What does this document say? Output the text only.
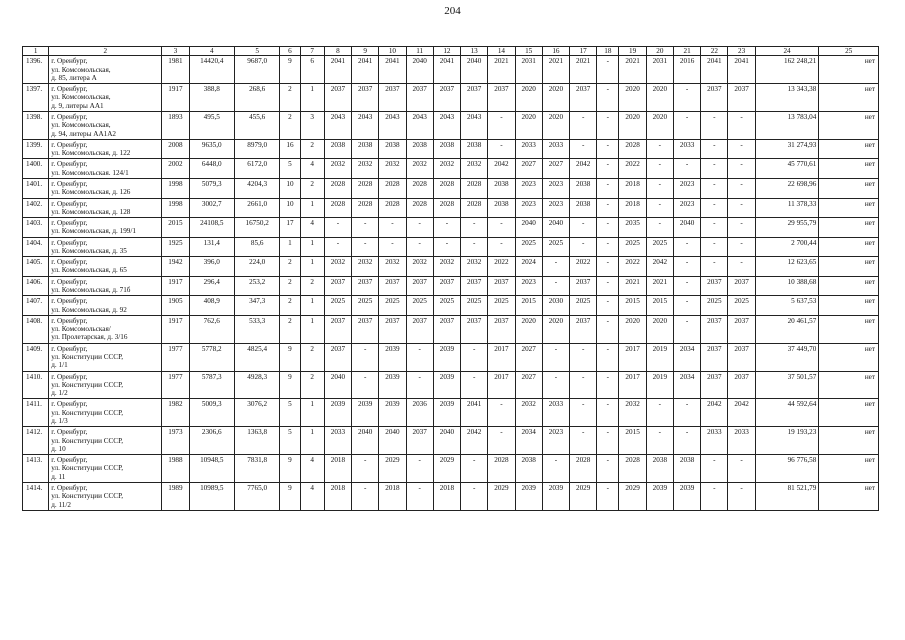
204
1	2	3	4	5	6	7	8	9	10	11	12	13	14	15	16	17	18	19	20	21	22	23	24	25
1396.	г. Оренбург,
ул. Комсомольская,
д. 85, литера А	1981	14420,4	9687,0	9	6	2041	2041	2041	2040	2041	2040	2021	2031	2021	2021	-	2021	2031	2016	2041	2041	162 248,21	нет
1397.	г. Оренбург,
ул. Комсомольская,
д. 9, литеры АА1	1917	388,8	268,6	2	1	2037	2037	2037	2037	2037	2037	2037	2020	2020	2037	-	2020	2020	-	2037	2037	13 343,38	нет
1398.	г. Оренбург,
ул. Комсомольская,
д. 94, литеры АА1А2	1893	495,5	455,6	2	3	2043	2043	2043	2043	2043	2043	-	2020	2020	-	-	2020	2020	-	-	-	13 783,04	нет
1399.	г. Оренбург,
ул. Комсомольская, д. 122	2008	9635,0	8979,0	16	2	2038	2038	2038	2038	2038	2038	-	2033	2033	-	-	2028	-	2033	-	-	31 274,93	нет
1400.	г. Оренбург,
ул. Комсомольская. 124/1	2002	6448,0	6172,0	5	4	2032	2032	2032	2032	2032	2032	2042	2027	2027	2042	-	2022	-	-	-	-	45 770,61	нет
1401.	г. Оренбург,
ул. Комсомольская, д. 126	1998	5079,3	4204,3	10	2	2028	2028	2028	2028	2028	2028	2038	2023	2023	2038	-	2018	-	2023	-	-	22 698,96	нет
1402.	г. Оренбург,
ул. Комсомольская, д. 128	1998	3002,7	2661,0	10	1	2028	2028	2028	2028	2028	2028	2038	2023	2023	2038	-	2018	-	2023	-	-	11 378,33	нет
1403.	г. Оренбург,
ул. Комсомольская, д. 199/1	2015	24108,5	16750,2	17	4	-	-	-	-	-	-	-	2040	2040	-	-	2035	-	2040	-	-	29 955,79	нет
1404.	г. Оренбург,
ул. Комсомольская, д. 35	1925	131,4	85,6	1	1	-	-	-	-	-	-	-	2025	2025	-	-	2025	2025	-	-	-	2 700,44	нет
1405.	г. Оренбург,
ул. Комсомольская, д. 65	1942	396,0	224,0	2	1	2032	2032	2032	2032	2032	2032	2022	2024	-	2022	-	2022	2042	-	-	-	12 623,65	нет
1406.	г. Оренбург,
ул. Комсомольская, д. 71б	1917	296,4	253,2	2	2	2037	2037	2037	2037	2037	2037	2037	2023	-	2037	-	2021	2021	-	2037	2037	10 388,68	нет
1407.	г. Оренбург,
ул. Комсомольская, д. 92	1905	408,9	347,3	2	1	2025	2025	2025	2025	2025	2025	2025	2015	2030	2025	-	2015	2015	-	2025	2025	5 637,53	нет
1408.	г. Оренбург,
ул. Комсомольская/
ул. Пролетарская, д. 3/16	1917	762,6	533,3	2	1	2037	2037	2037	2037	2037	2037	2037	2020	2020	2037	-	2020	2020	-	2037	2037	20 461,57	нет
1409.	г. Оренбург,
ул. Конституции СССР,
д. 1/1	1977	5778,2	4825,4	9	2	2037	-	2039	-	2039	-	2017	2027	-	-	-	2017	2019	2034	2037	2037	37 449,70	нет
1410.	г. Оренбург,
ул. Конституции СССР,
д. 1/2	1977	5787,3	4928,3	9	2	2040	-	2039	-	2039	-	2017	2027	-	-	-	2017	2019	2034	2037	2037	37 501,57	нет
1411.	г. Оренбург,
ул. Конституции СССР,
д. 1/3	1982	5009,3	3076,2	5	1	2039	2039	2039	2036	2039	2041	-	2032	2033	-	-	2032	-	-	2042	2042	44 592,64	нет
1412.	г. Оренбург,
ул. Конституции СССР,
д. 10	1973	2306,6	1363,8	5	1	2033	2040	2040	2037	2040	2042	-	2034	2023	-	-	2015	-	-	2033	2033	19 193,23	нет
1413.	г. Оренбург,
ул. Конституции СССР,
д. 11	1988	10948,5	7831,8	9	4	2018	-	2029	-	2029	-	2028	2038	-	2028	-	2028	2038	2038	-	-	96 776,58	нет
1414.	г. Оренбург,
ул. Конституции СССР,
д. 11/2	1989	10989,5	7765,0	9	4	2018	-	2018	-	2018	-	2029	2039	2039	2029	-	2029	2039	2039	-	-	81 521,79	нет
